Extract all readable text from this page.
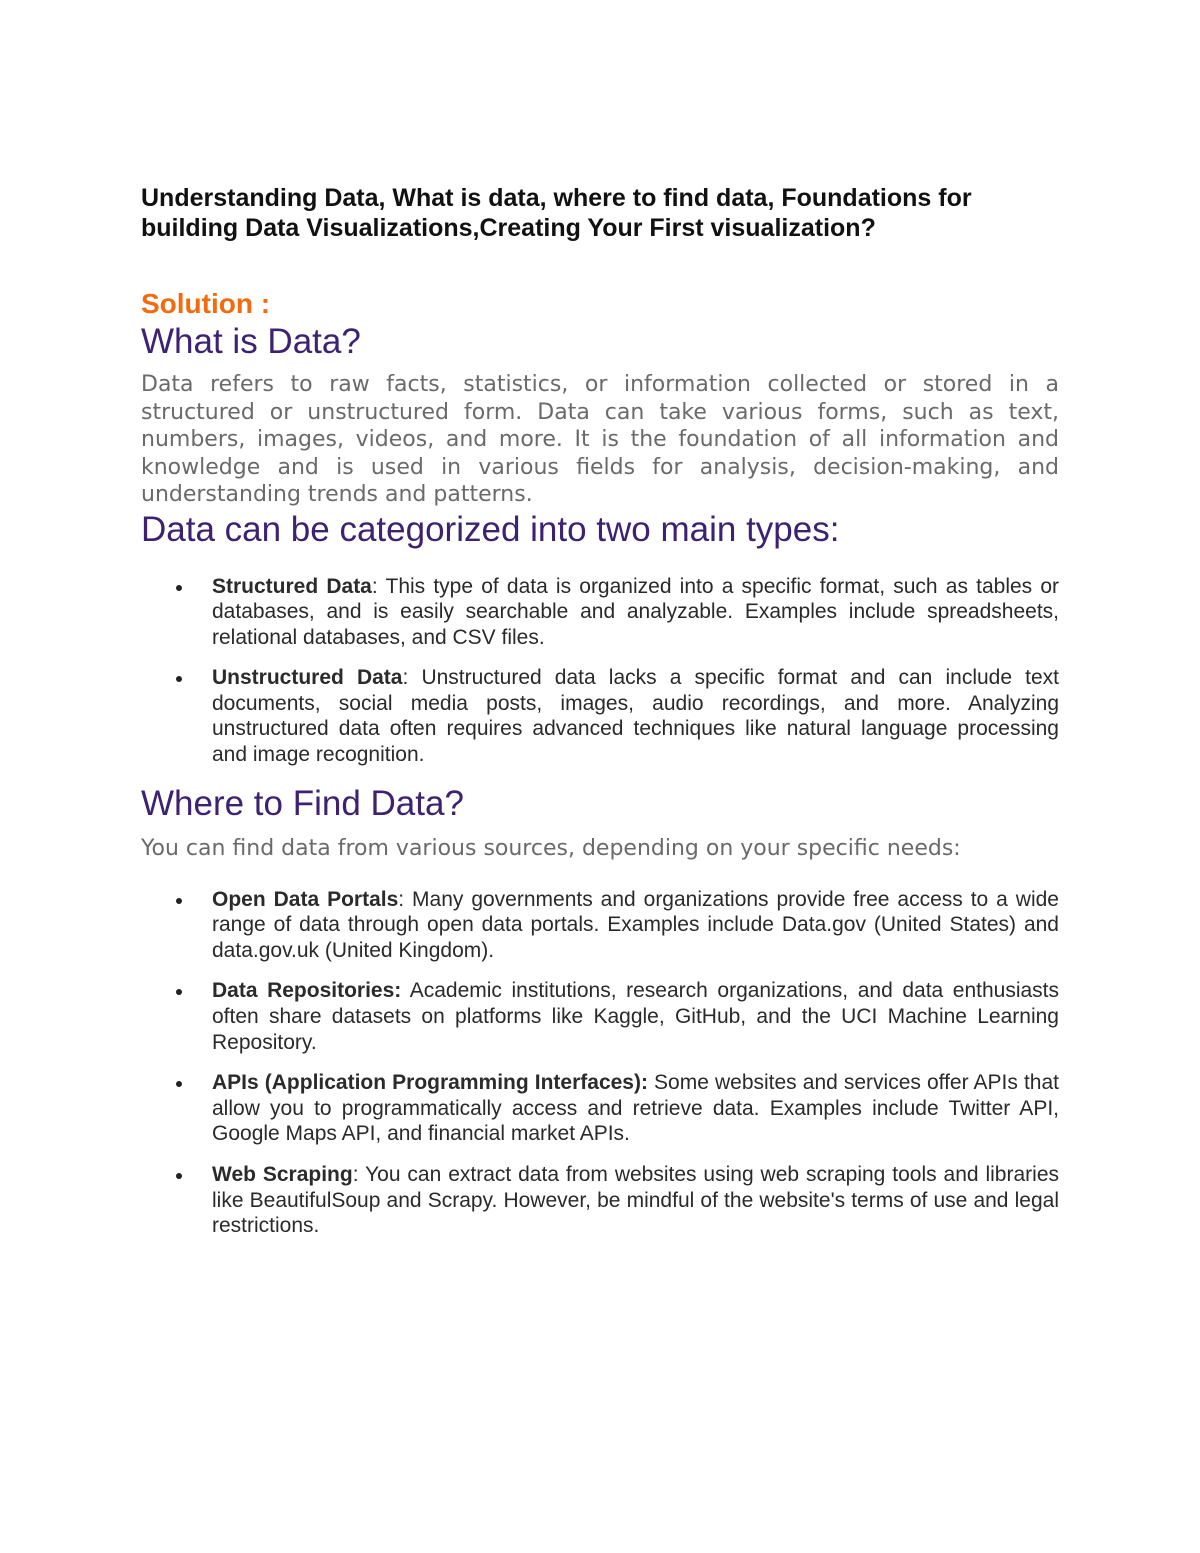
Understanding Data, What is data, where to find data, Foundations for building Data Visualizations,Creating Your First visualization?

Solution :

What is Data?

Data refers to raw facts, statistics, or information collected or stored in a structured or unstructured form. Data can take various forms, such as text, numbers, images, videos, and more. It is the foundation of all information and knowledge and is used in various fields for analysis, decision-making, and understanding trends and patterns.

Data can be categorized into two main types:
Structured Data: This type of data is organized into a specific format, such as tables or databases, and is easily searchable and analyzable. Examples include spreadsheets, relational databases, and CSV files.
Unstructured Data: Unstructured data lacks a specific format and can include text documents, social media posts, images, audio recordings, and more. Analyzing unstructured data often requires advanced techniques like natural language processing and image recognition.
Where to Find Data?

You can find data from various sources, depending on your specific needs:

Open Data Portals: Many governments and organizations provide free access to a wide range of data through open data portals. Examples include Data.gov (United States) and data.gov.uk (United Kingdom).
Data Repositories: Academic institutions, research organizations, and data enthusiasts often share datasets on platforms like Kaggle, GitHub, and the UCI Machine Learning Repository.
APIs (Application Programming Interfaces): Some websites and services offer APIs that allow you to programmatically access and retrieve data. Examples include Twitter API, Google Maps API, and financial market APIs.
Web Scraping: You can extract data from websites using web scraping tools and libraries like BeautifulSoup and Scrapy. However, be mindful of the website's terms of use and legal restrictions.
